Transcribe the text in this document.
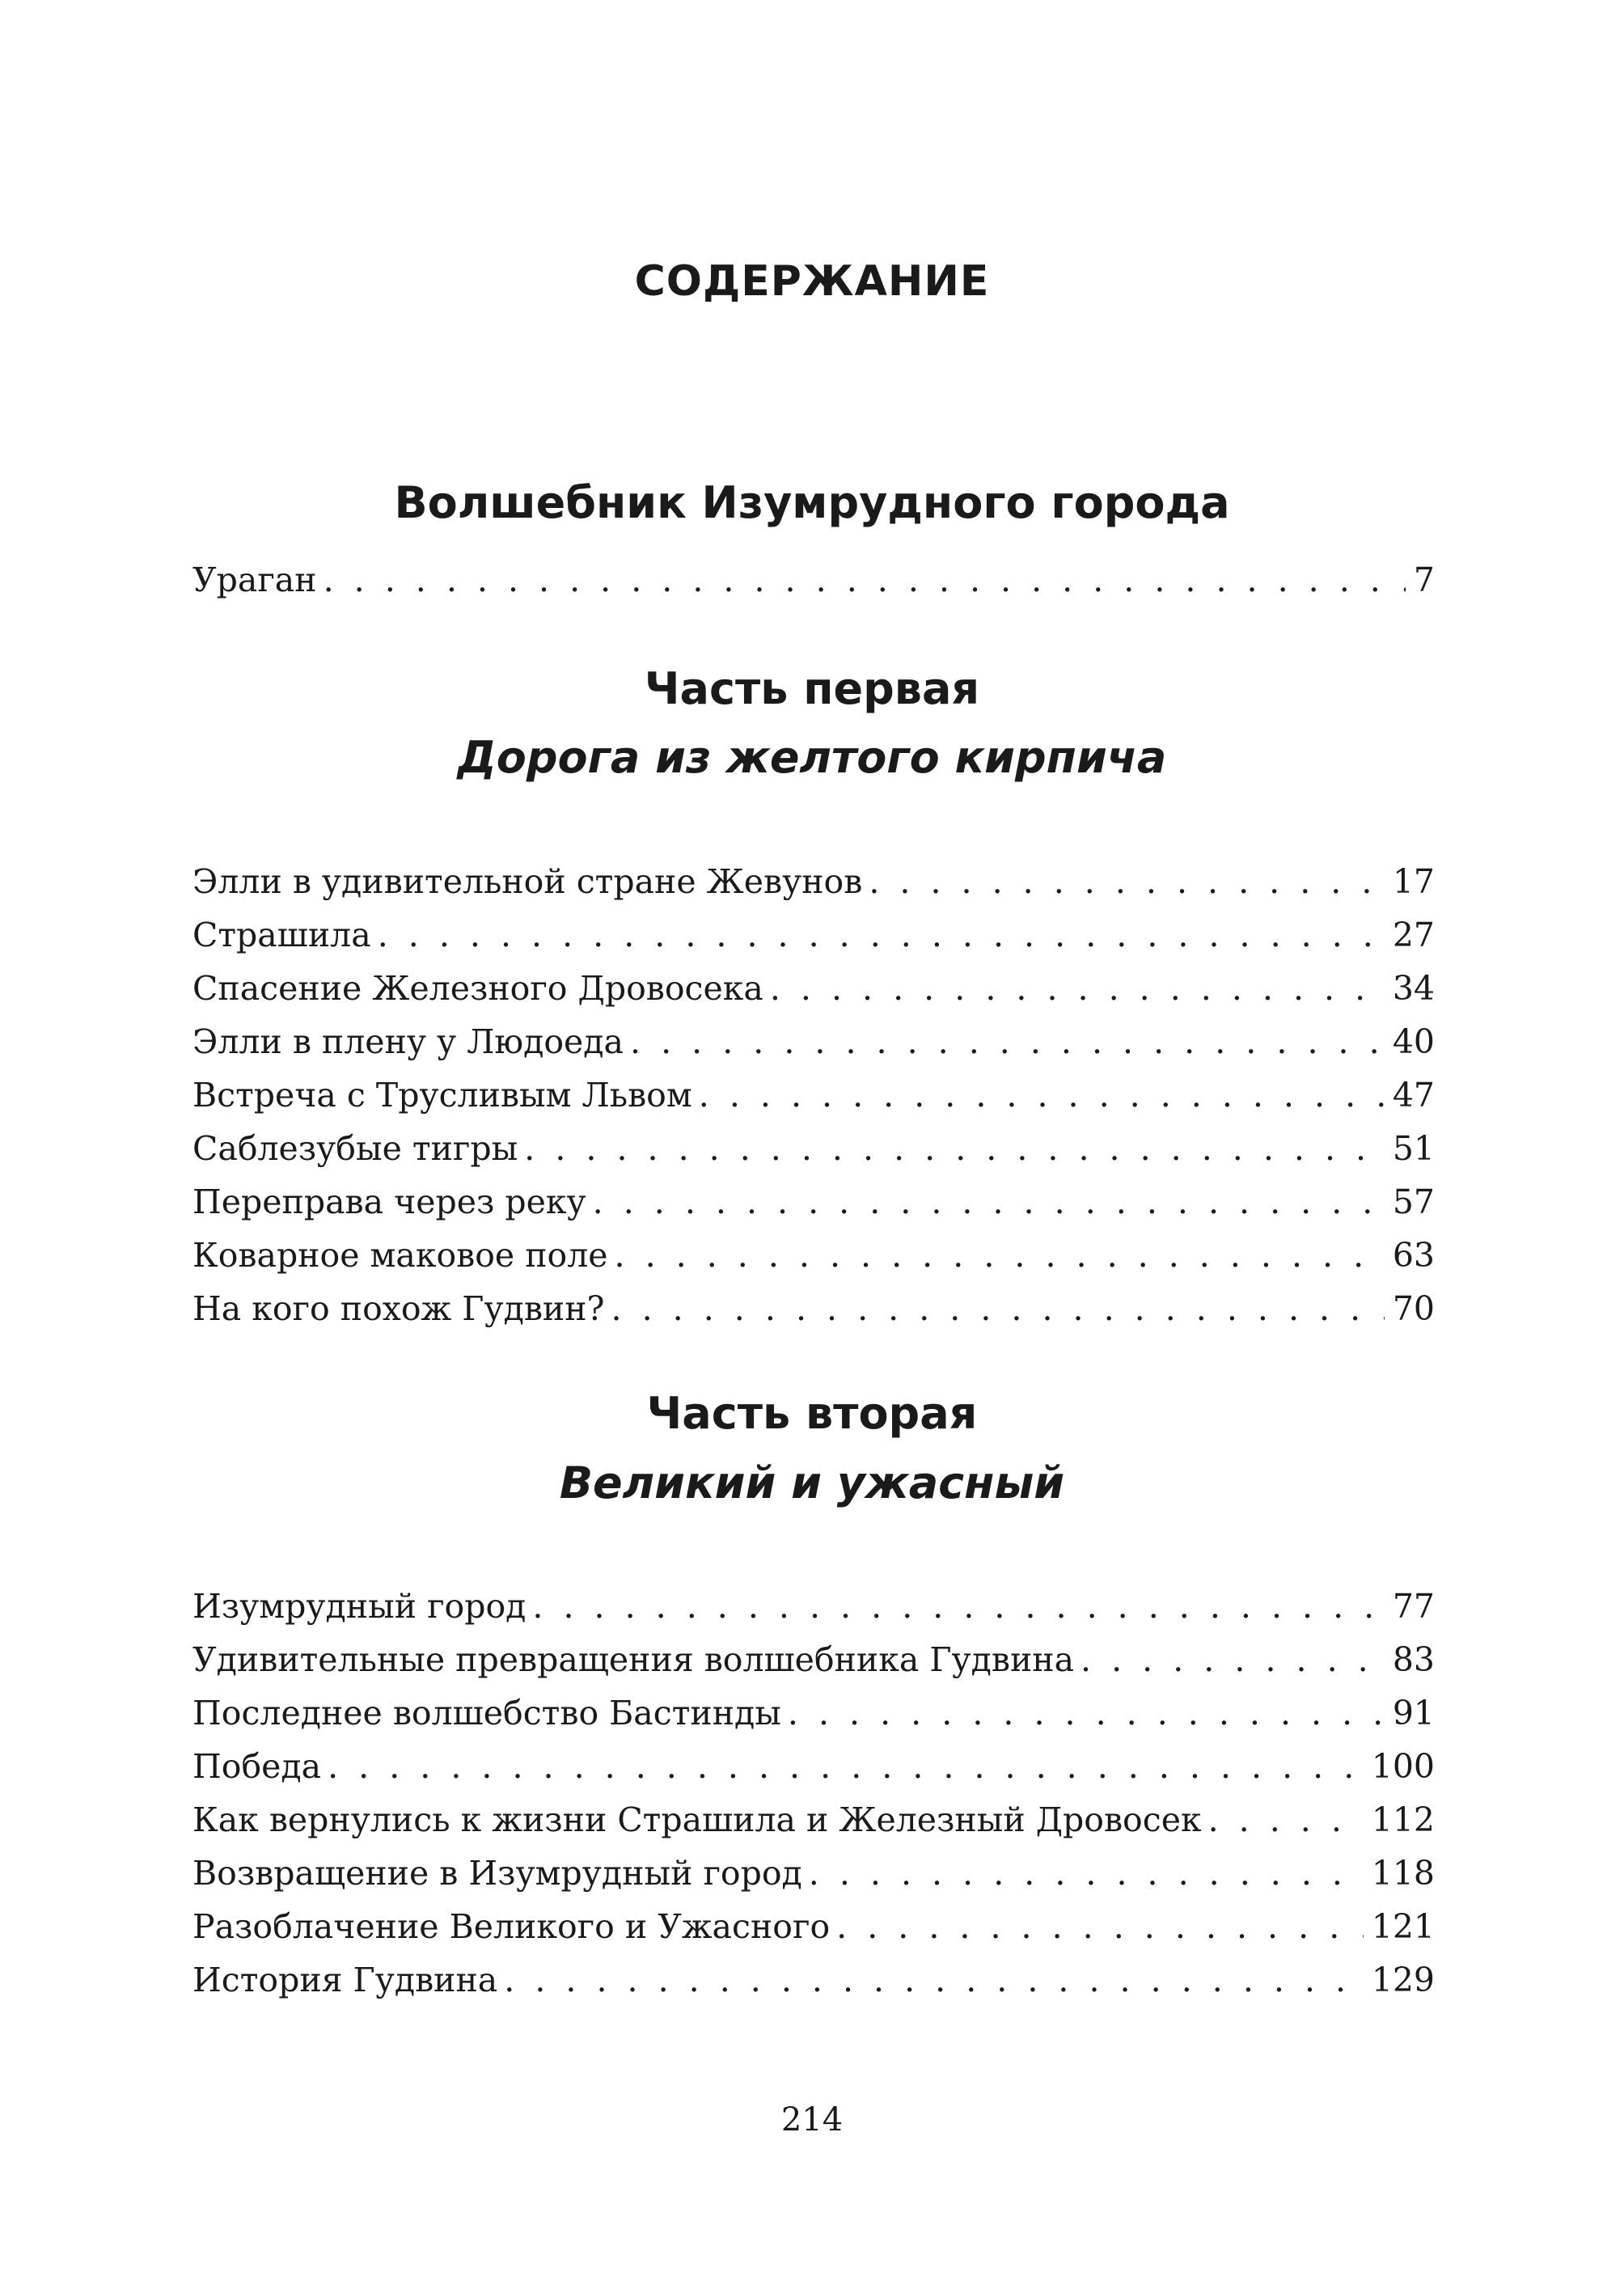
СОДЕРЖАНИЕ
Волшебник Изумрудного города
Ураган . . .	7
Часть первая
Дорога из желтого кирпича
Элли в удивительной стране Жевунов . . .	17
Страшила . . .	27
Спасение Железного Дровосека . . .	34
Элли в плену у Людоеда . . .	40
Встреча с Трусливым Львом . . .	47
Саблезубые тигры . . .	51
Переправа через реку . . .	57
Коварное маковое поле . . .	63
На кого похож Гудвин? . . .	70
Часть вторая
Великий и ужасный
Изумрудный город . . .	77
Удивительные превращения волшебника Гудвина . . .	83
Последнее волшебство Бастинды . . .	91
Победа . . .	100
Как вернулись к жизни Страшила и Железный Дровосек . . .	112
Возвращение в Изумрудный город . . .	118
Разоблачение Великого и Ужасного . . .	121
История Гудвина . . .	129
214
